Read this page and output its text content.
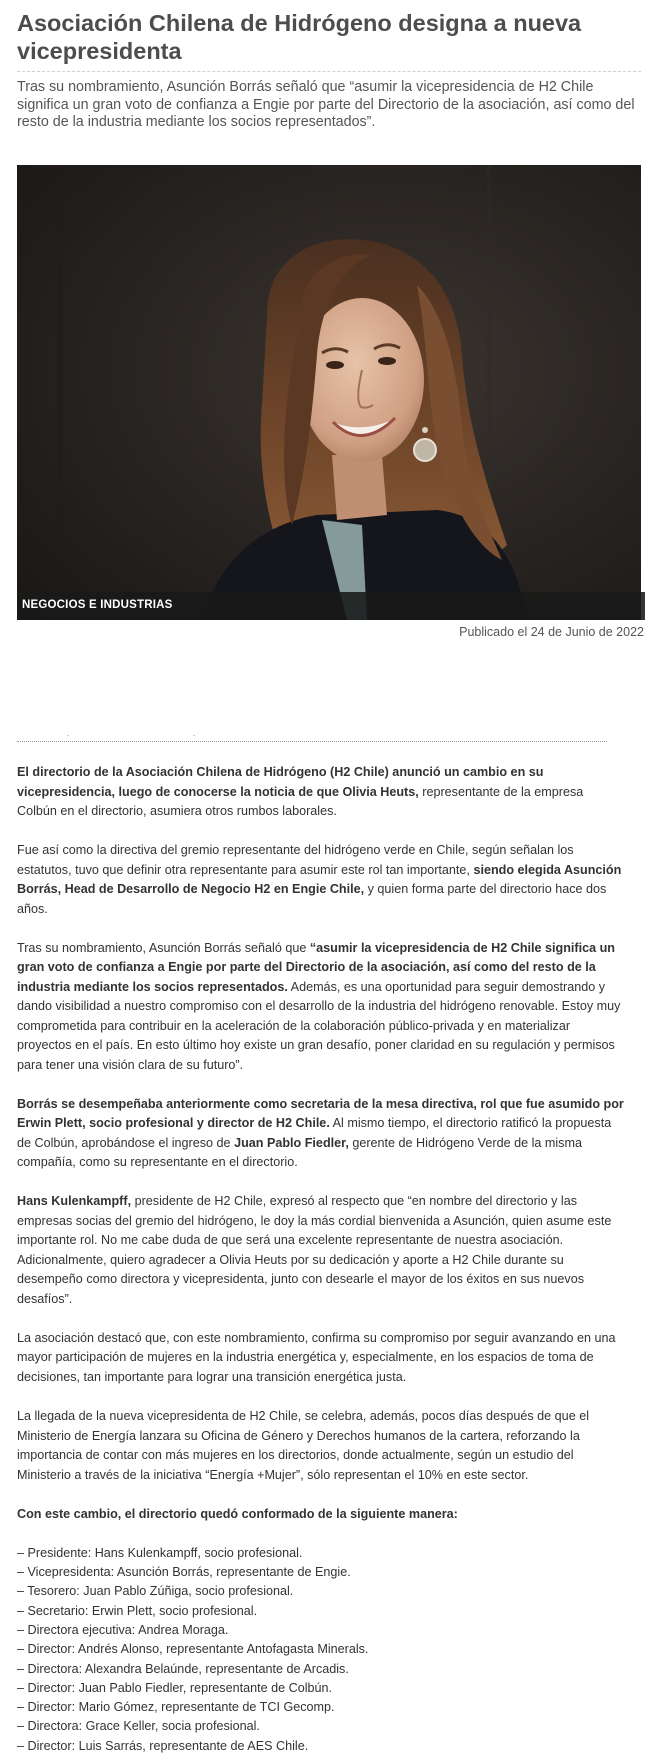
Asociación Chilena de Hidrógeno designa a nueva vicepresidenta

Tras su nombramiento, Asunción Borrás señaló que “asumir la vicepresidencia de H2 Chile significa un gran voto de confianza a Engie por parte del Directorio de la asociación, así como del resto de la industria mediante los socios representados”.

NEGOCIOS E INDUSTRIAS
Publicado el 24 de Junio de 2022

El directorio de la Asociación Chilena de Hidrógeno (H2 Chile) anunció un cambio en su vicepresidencia, luego de conocerse la noticia de que Olivia Heuts, representante de la empresa Colbún en el directorio, asumiera otros rumbos laborales.

Fue así como la directiva del gremio representante del hidrógeno verde en Chile, según señalan los estatutos, tuvo que definir otra representante para asumir este rol tan importante, siendo elegida Asunción Borrás, Head de Desarrollo de Negocio H2 en Engie Chile, y quien forma parte del directorio hace dos años.

Tras su nombramiento, Asunción Borrás señaló que “asumir la vicepresidencia de H2 Chile significa un gran voto de confianza a Engie por parte del Directorio de la asociación, así como del resto de la industria mediante los socios representados. Además, es una oportunidad para seguir demostrando y dando visibilidad a nuestro compromiso con el desarrollo de la industria del hidrógeno renovable. Estoy muy comprometida para contribuir en la aceleración de la colaboración público-privada y en materializar proyectos en el país. En esto último hoy existe un gran desafío, poner claridad en su regulación y permisos para tener una visión clara de su futuro”.

Borrás se desempeñaba anteriormente como secretaria de la mesa directiva, rol que fue asumido por Erwin Plett, socio profesional y director de H2 Chile. Al mismo tiempo, el directorio ratificó la propuesta de Colbún, aprobándose el ingreso de Juan Pablo Fiedler, gerente de Hidrógeno Verde de la misma compañía, como su representante en el directorio.

Hans Kulenkampff, presidente de H2 Chile, expresó al respecto que “en nombre del directorio y las empresas socias del gremio del hidrógeno, le doy la más cordial bienvenida a Asunción, quien asume este importante rol. No me cabe duda de que será una excelente representante de nuestra asociación. Adicionalmente, quiero agradecer a Olivia Heuts por su dedicación y aporte a H2 Chile durante su desempeño como directora y vicepresidenta, junto con desearle el mayor de los éxitos en sus nuevos desafíos”.

La asociación destacó que, con este nombramiento, confirma su compromiso por seguir avanzando en una mayor participación de mujeres en la industria energética y, especialmente, en los espacios de toma de decisiones, tan importante para lograr una transición energética justa.

La llegada de la nueva vicepresidenta de H2 Chile, se celebra, además, pocos días después de que el Ministerio de Energía lanzara su Oficina de Género y Derechos humanos de la cartera, reforzando la importancia de contar con más mujeres en los directorios, donde actualmente, según un estudio del Ministerio a través de la iniciativa “Energía +Mujer”, sólo representan el 10% en este sector.

Con este cambio, el directorio quedó conformado de la siguiente manera:

– Presidente: Hans Kulenkampff, socio profesional.
– Vicepresidenta: Asunción Borrás, representante de Engie.
– Tesorero: Juan Pablo Zúñiga, socio profesional.
– Secretario: Erwin Plett, socio profesional.
– Directora ejecutiva: Andrea Moraga.
– Director: Andrés Alonso, representante Antofagasta Minerals.
– Directora: Alexandra Belaúnde, representante de Arcadis.
– Director: Juan Pablo Fiedler, representante de Colbún.
– Director: Mario Gómez, representante de TCI Gecomp.
– Directora: Grace Keller, socia profesional.
– Director: Luis Sarrás, representante de AES Chile.
